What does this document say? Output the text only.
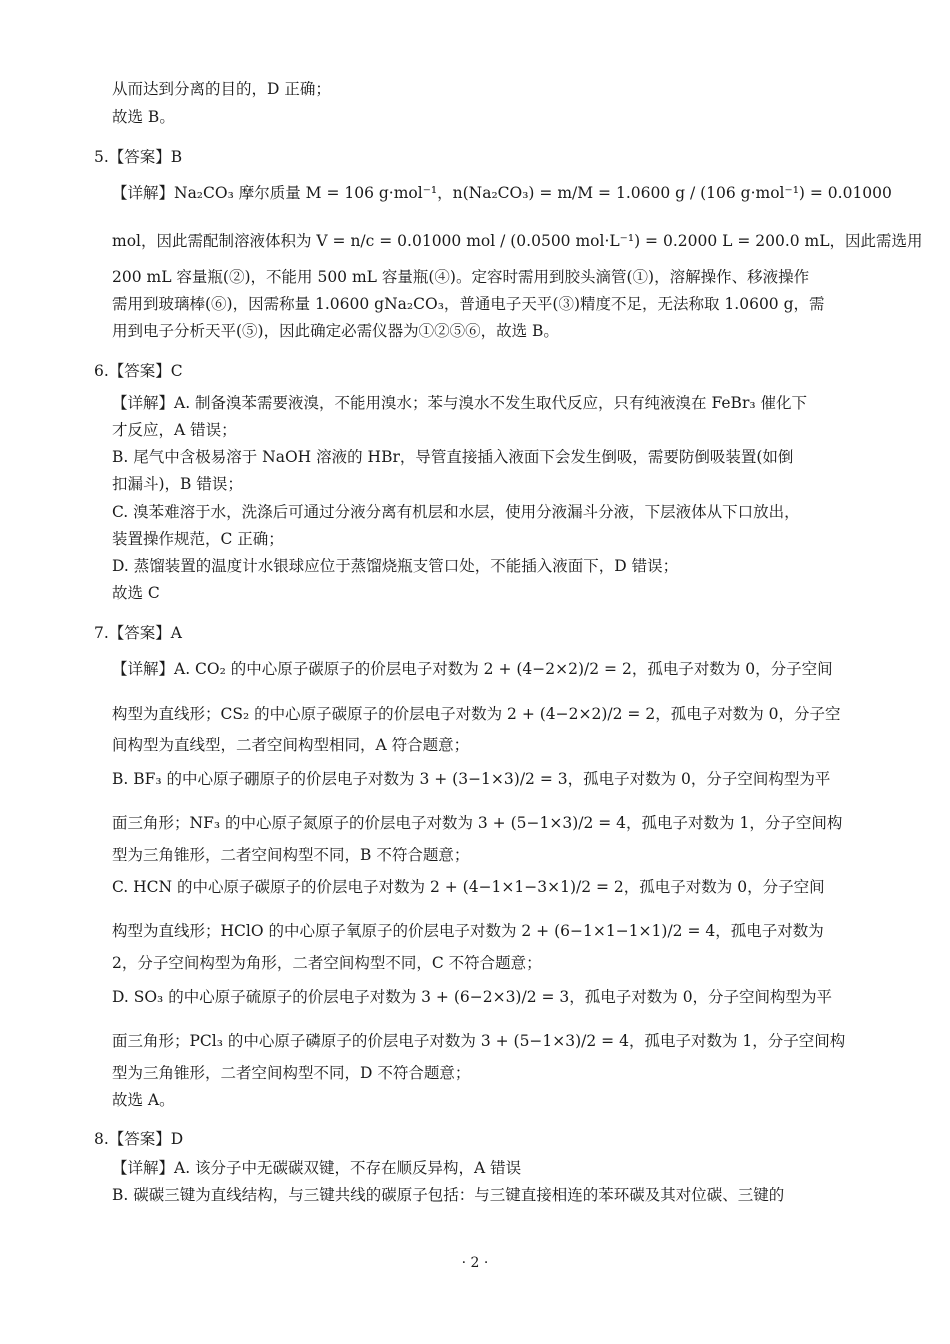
从而达到分离的目的，D 正确；
故选 B。
5.【答案】B
【详解】Na₂CO₃ 摩尔质量 M = 106 g·mol⁻¹，n(Na₂CO₃) = m/M = 1.0600 g / (106 g·mol⁻¹) = 0.01000
mol，因此需配制溶液体积为 V = n/c = 0.01000 mol / (0.0500 mol·L⁻¹) = 0.2000 L = 200.0 mL，因此需选用
200 mL 容量瓶(②)，不能用 500 mL 容量瓶(④)。定容时需用到胶头滴管(①)，溶解操作、移液操作
需用到玻璃棒(⑥)，因需称量 1.0600 gNa₂CO₃，普通电子天平(③)精度不足，无法称取 1.0600 g，需
用到电子分析天平(⑤)，因此确定必需仪器为①②⑤⑥，故选 B。
6.【答案】C
【详解】A. 制备溴苯需要液溴，不能用溴水；苯与溴水不发生取代反应，只有纯液溴在 FeBr₃ 催化下
才反应，A 错误；
B. 尾气中含极易溶于 NaOH 溶液的 HBr，导管直接插入液面下会发生倒吸，需要防倒吸装置(如倒
扣漏斗)，B 错误；
C. 溴苯难溶于水，洗涤后可通过分液分离有机层和水层，使用分液漏斗分液，下层液体从下口放出，
装置操作规范，C 正确；
D. 蒸馏装置的温度计水银球应位于蒸馏烧瓶支管口处，不能插入液面下，D 错误；
故选 C
7.【答案】A
【详解】A. CO₂ 的中心原子碳原子的价层电子对数为 2 + (4−2×2)/2 = 2，孤电子对数为 0，分子空间
构型为直线形；CS₂ 的中心原子碳原子的价层电子对数为 2 + (4−2×2)/2 = 2，孤电子对数为 0，分子空
间构型为直线型，二者空间构型相同，A 符合题意；
B. BF₃ 的中心原子硼原子的价层电子对数为 3 + (3−1×3)/2 = 3，孤电子对数为 0，分子空间构型为平
面三角形；NF₃ 的中心原子氮原子的价层电子对数为 3 + (5−1×3)/2 = 4，孤电子对数为 1，分子空间构
型为三角锥形，二者空间构型不同，B 不符合题意；
C. HCN 的中心原子碳原子的价层电子对数为 2 + (4−1×1−3×1)/2 = 2，孤电子对数为 0，分子空间
构型为直线形；HClO 的中心原子氧原子的价层电子对数为 2 + (6−1×1−1×1)/2 = 4，孤电子对数为
2，分子空间构型为角形，二者空间构型不同，C 不符合题意；
D. SO₃ 的中心原子硫原子的价层电子对数为 3 + (6−2×3)/2 = 3，孤电子对数为 0，分子空间构型为平
面三角形；PCl₃ 的中心原子磷原子的价层电子对数为 3 + (5−1×3)/2 = 4，孤电子对数为 1，分子空间构
型为三角锥形，二者空间构型不同，D 不符合题意；
故选 A。
8.【答案】D
【详解】A. 该分子中无碳碳双键，不存在顺反异构，A 错误
B. 碳碳三键为直线结构，与三键共线的碳原子包括：与三键直接相连的苯环碳及其对位碳、三键的
· 2 ·
